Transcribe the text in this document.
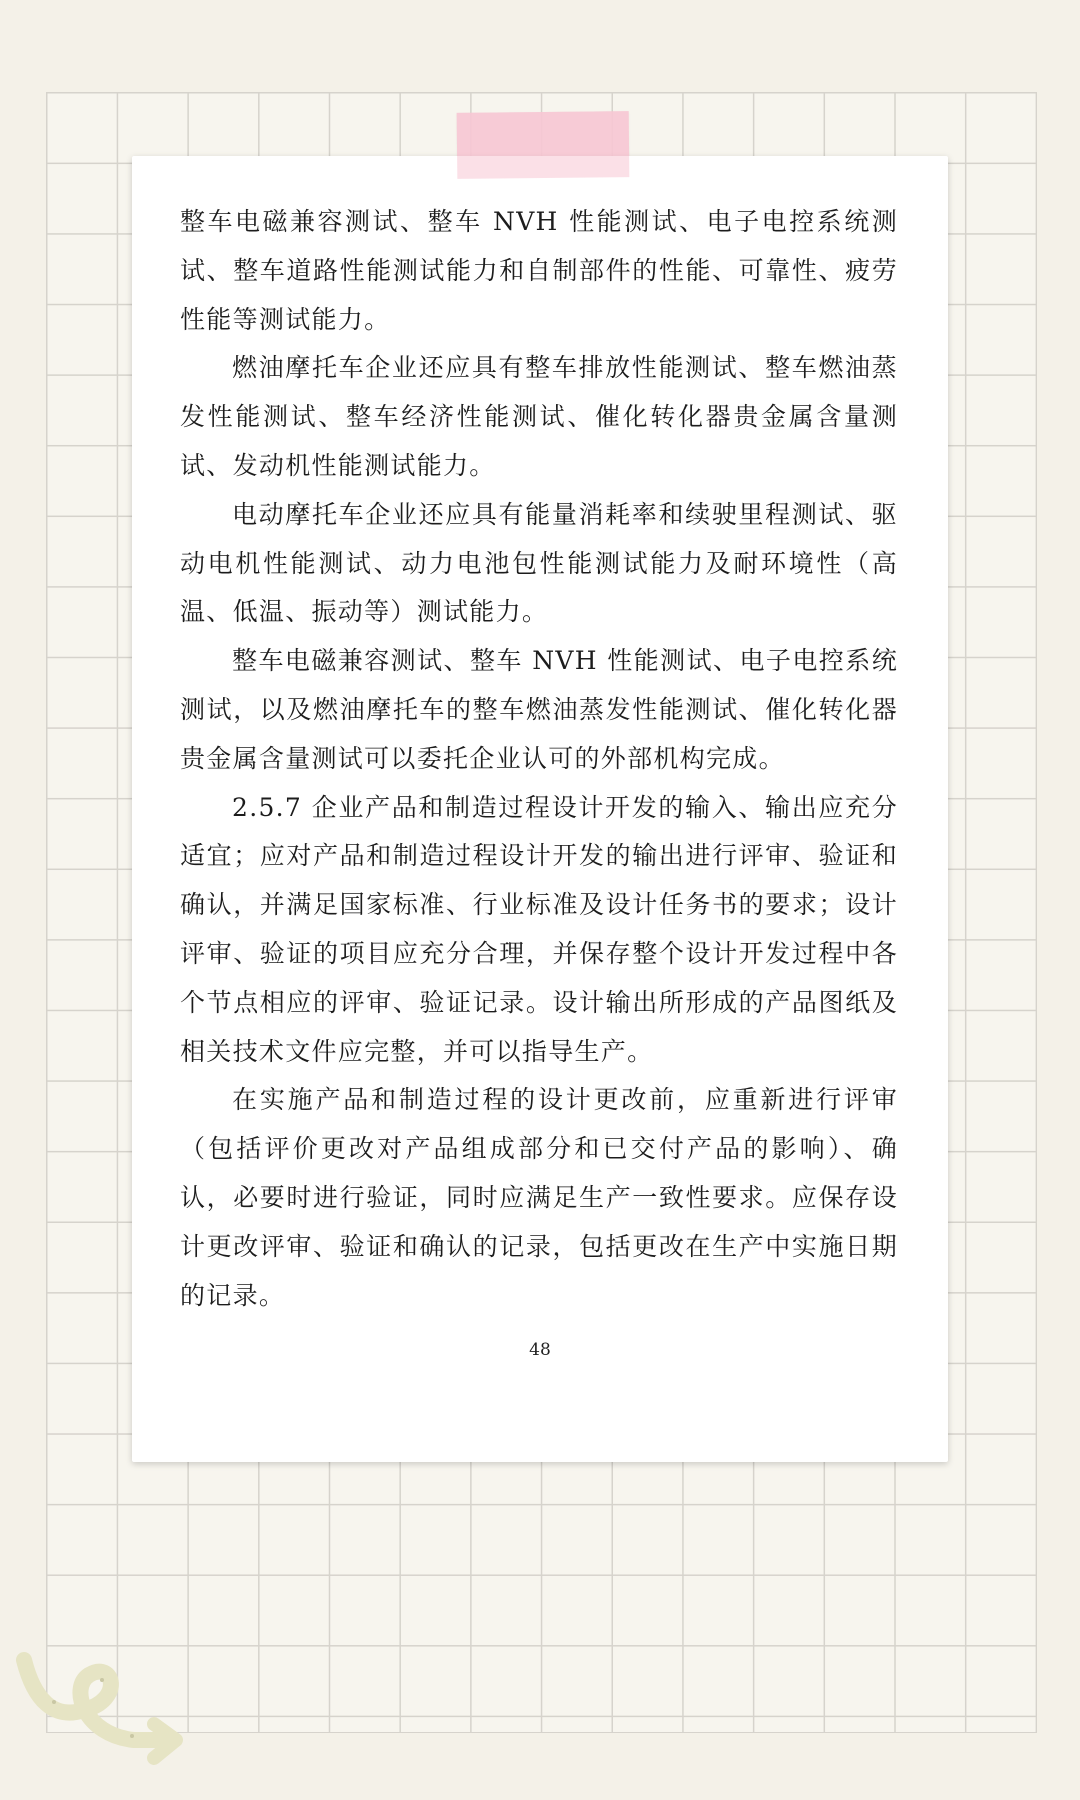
整车电磁兼容测试、整车 NVH 性能测试、电子电控系统测试、整车道路性能测试能力和自制部件的性能、可靠性、疲劳性能等测试能力。

燃油摩托车企业还应具有整车排放性能测试、整车燃油蒸发性能测试、整车经济性能测试、催化转化器贵金属含量测试、发动机性能测试能力。

电动摩托车企业还应具有能量消耗率和续驶里程测试、驱动电机性能测试、动力电池包性能测试能力及耐环境性（高温、低温、振动等）测试能力。

整车电磁兼容测试、整车 NVH 性能测试、电子电控系统测试，以及燃油摩托车的整车燃油蒸发性能测试、催化转化器贵金属含量测试可以委托企业认可的外部机构完成。

2.5.7 企业产品和制造过程设计开发的输入、输出应充分适宜；应对产品和制造过程设计开发的输出进行评审、验证和确认，并满足国家标准、行业标准及设计任务书的要求；设计评审、验证的项目应充分合理，并保存整个设计开发过程中各个节点相应的评审、验证记录。设计输出所形成的产品图纸及相关技术文件应完整，并可以指导生产。

在实施产品和制造过程的设计更改前，应重新进行评审（包括评价更改对产品组成部分和已交付产品的影响）、确认，必要时进行验证，同时应满足生产一致性要求。应保存设计更改评审、验证和确认的记录，包括更改在生产中实施日期的记录。

48
